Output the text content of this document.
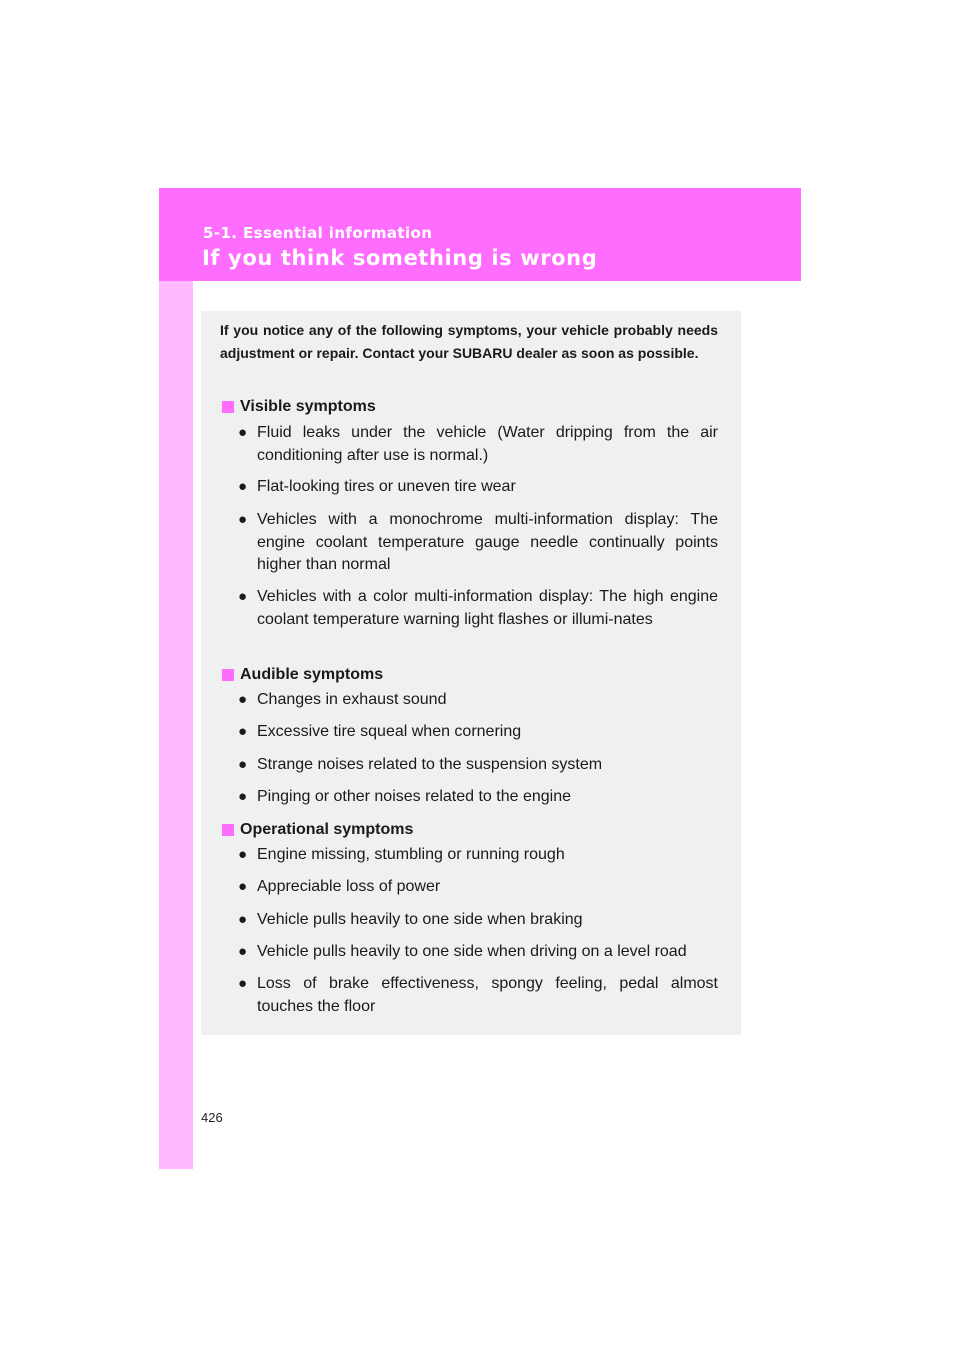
5-1. Essential information

If you think something is wrong

If you notice any of the following symptoms, your vehicle probably needs adjustment or repair. Contact your SUBARU dealer as soon as possible.

Visible symptoms
● Fluid leaks under the vehicle (Water dripping from the air conditioning after use is normal.)
● Flat-looking tires or uneven tire wear
● Vehicles with a monochrome multi-information display: The engine coolant temperature gauge needle continually points higher than normal
● Vehicles with a color multi-information display: The high engine coolant temperature warning light flashes or illumi-nates
Audible symptoms
● Changes in exhaust sound
● Excessive tire squeal when cornering
● Strange noises related to the suspension system
● Pinging or other noises related to the engine
Operational symptoms
● Engine missing, stumbling or running rough
● Appreciable loss of power
● Vehicle pulls heavily to one side when braking
● Vehicle pulls heavily to one side when driving on a level road
● Loss of brake effectiveness, spongy feeling, pedal almost touches the floor

426
